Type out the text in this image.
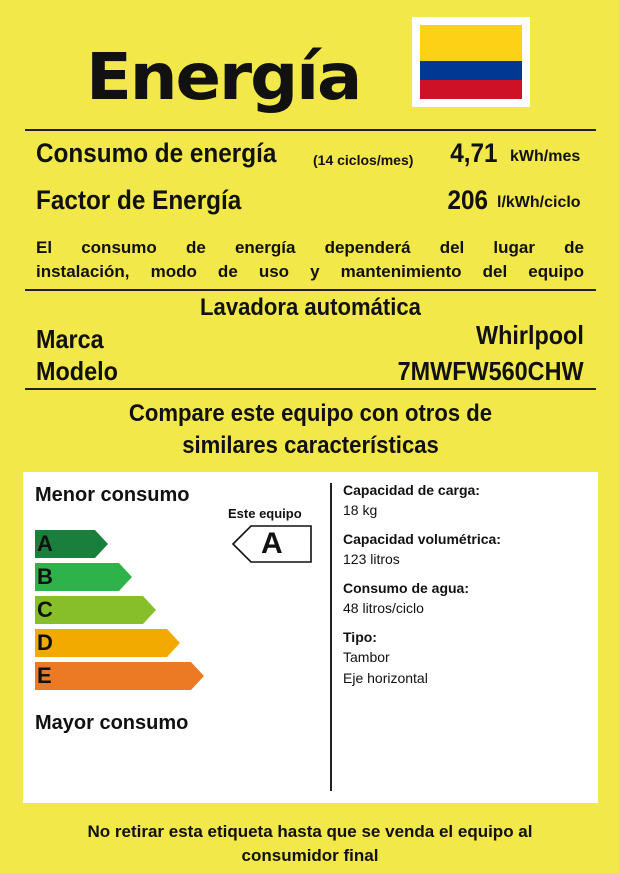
Energía
Consumo de energía	(14 ciclos/mes) 4,71 kWh/mes
Factor de Energía	206 l/kWh/ciclo
El consumo de energía dependerá del lugar de
instalación, modo de uso y mantenimiento del equipo
Lavadora automática
Marca	Whirlpool
Modelo	7MWFW560CHW
Compare este equipo con otros de
similares características
Menor consumo
A
B
C
D
E
Este equipo
A
Mayor consumo
Capacidad de carga:
18 kg
Capacidad volumétrica:
123 litros
Consumo de agua:
48 litros/ciclo
Tipo:
Tambor
Eje horizontal
No retirar esta etiqueta hasta que se venda el equipo al
consumidor final
